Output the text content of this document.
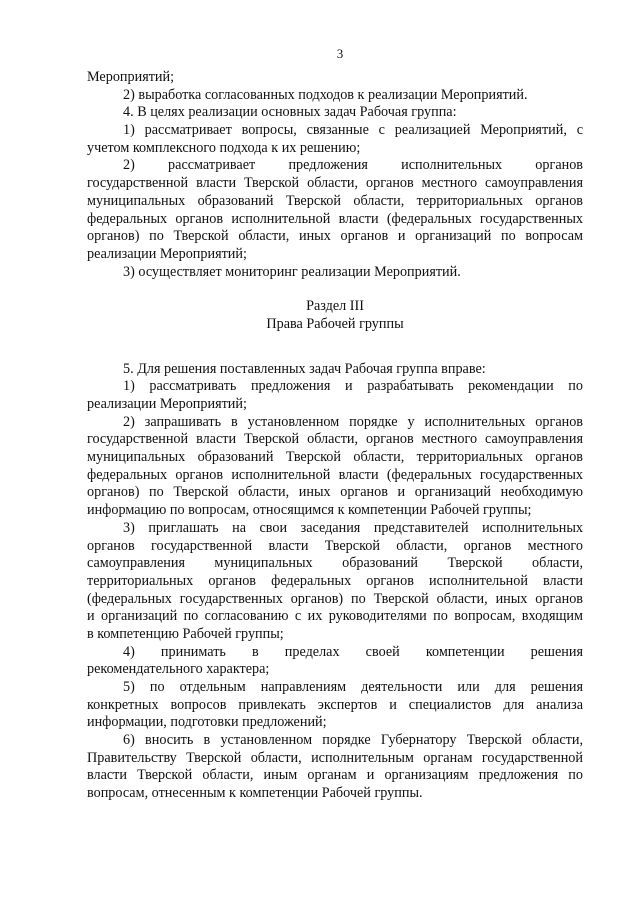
3

Мероприятий;

2) выработка согласованных подходов к реализации Мероприятий.

4. В целях реализации основных задач Рабочая группа:

1) рассматривает вопросы, связанные с реализацией Мероприятий, с

учетом комплексного подхода к их решению;

2) рассматривает предложения исполнительных органов

государственной власти Тверской области, органов местного самоуправления

муниципальных образований Тверской области, территориальных органов

федеральных органов исполнительной власти (федеральных государственных

органов) по Тверской области, иных органов и организаций по вопросам

реализации Мероприятий;

3) осуществляет мониторинг реализации Мероприятий.

Раздел III

Права Рабочей группы

5. Для решения поставленных задач Рабочая группа вправе:

1) рассматривать предложения и разрабатывать рекомендации по

реализации Мероприятий;

2) запрашивать в установленном порядке у исполнительных органов

государственной власти Тверской области, органов местного самоуправления

муниципальных образований Тверской области, территориальных органов

федеральных органов исполнительной власти (федеральных государственных

органов) по Тверской области, иных органов и организаций необходимую

информацию по вопросам, относящимся к компетенции Рабочей группы;

3) приглашать на свои заседания представителей исполнительных

органов государственной власти Тверской области, органов местного

самоуправления муниципальных образований Тверской области,

территориальных органов федеральных органов исполнительной власти

(федеральных государственных органов) по Тверской области, иных органов

и организаций по согласованию с их руководителями по вопросам, входящим

в компетенцию Рабочей группы;

4) принимать в пределах своей компетенции решения

рекомендательного характера;

5) по отдельным направлениям деятельности или для решения

конкретных вопросов привлекать экспертов и специалистов для анализа

информации, подготовки предложений;

6) вносить в установленном порядке Губернатору Тверской области,

Правительству Тверской области, исполнительным органам государственной

власти Тверской области, иным органам и организациям предложения по

вопросам, отнесенным к компетенции Рабочей группы.
